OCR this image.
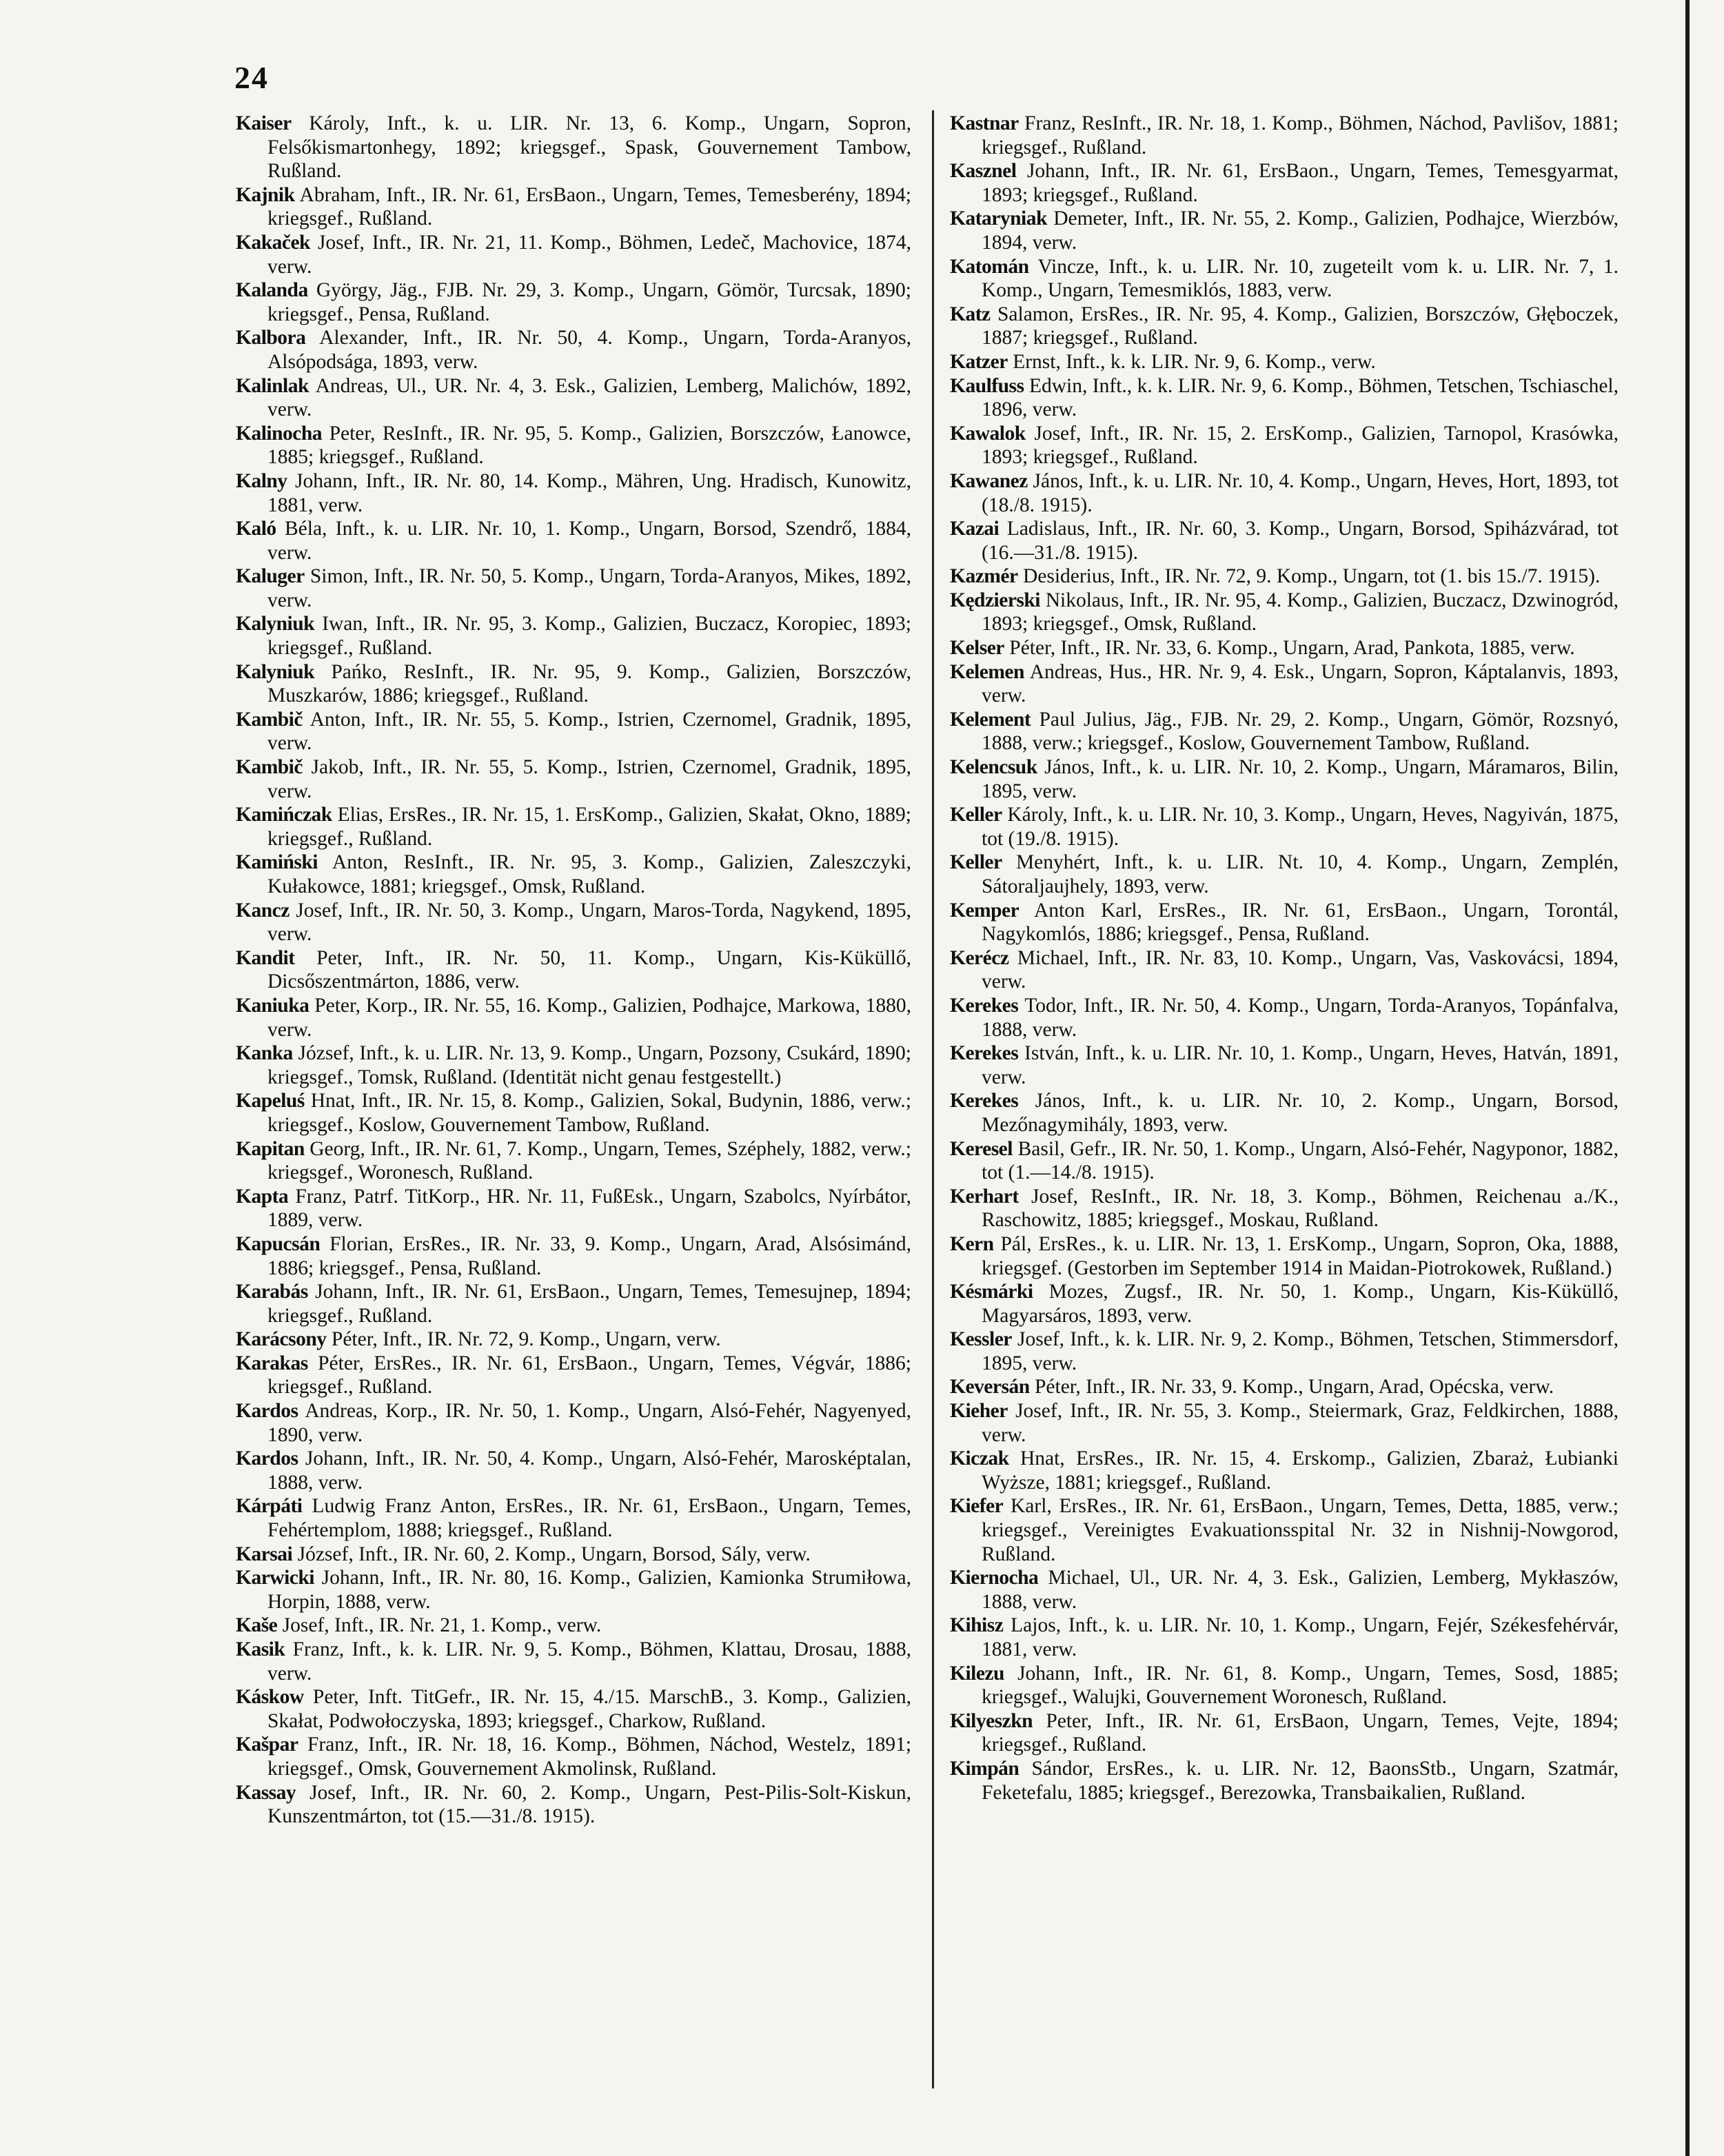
24

Kaiser Károly, Inft., k. u. LIR. Nr. 13, 6. Komp., Ungarn, Sopron, Felsőkismartonhegy, 1892; kriegsgef., Spask, Gouvernement Tambow, Rußland.

Kajnik Abraham, Inft., IR. Nr. 61, ErsBaon., Ungarn, Temes, Temesberény, 1894; kriegsgef., Rußland.

Kakaček Josef, Inft., IR. Nr. 21, 11. Komp., Böhmen, Ledeč, Machovice, 1874, verw.

Kalanda György, Jäg., FJB. Nr. 29, 3. Komp., Ungarn, Gömör, Turcsak, 1890; kriegsgef., Pensa, Rußland.

Kalbora Alexander, Inft., IR. Nr. 50, 4. Komp., Ungarn, Torda-Aranyos, Alsópodsága, 1893, verw.

Kalinlak Andreas, Ul., UR. Nr. 4, 3. Esk., Galizien, Lemberg, Malichów, 1892, verw.

Kalinocha Peter, ResInft., IR. Nr. 95, 5. Komp., Galizien, Borszczów, Łanowce, 1885; kriegsgef., Rußland.

Kalny Johann, Inft., IR. Nr. 80, 14. Komp., Mähren, Ung. Hradisch, Kunowitz, 1881, verw.

Kaló Béla, Inft., k. u. LIR. Nr. 10, 1. Komp., Ungarn, Borsod, Szendrő, 1884, verw.

Kaluger Simon, Inft., IR. Nr. 50, 5. Komp., Ungarn, Torda-Aranyos, Mikes, 1892, verw.

Kalyniuk Iwan, Inft., IR. Nr. 95, 3. Komp., Galizien, Buczacz, Koropiec, 1893; kriegsgef., Rußland.

Kalyniuk Pańko, ResInft., IR. Nr. 95, 9. Komp., Galizien, Borszczów, Muszkarów, 1886; kriegsgef., Rußland.

Kambič Anton, Inft., IR. Nr. 55, 5. Komp., Istrien, Czernomel, Gradnik, 1895, verw.

Kambič Jakob, Inft., IR. Nr. 55, 5. Komp., Istrien, Czernomel, Gradnik, 1895, verw.

Kamińczak Elias, ErsRes., IR. Nr. 15, 1. ErsKomp., Galizien, Skałat, Okno, 1889; kriegsgef., Rußland.

Kamiński Anton, ResInft., IR. Nr. 95, 3. Komp., Galizien, Zaleszczyki, Kułakowce, 1881; kriegsgef., Omsk, Rußland.

Kancz Josef, Inft., IR. Nr. 50, 3. Komp., Ungarn, Maros-Torda, Nagykend, 1895, verw.

Kandit Peter, Inft., IR. Nr. 50, 11. Komp., Ungarn, Kis-Küküllő, Dicsőszentmárton, 1886, verw.

Kaniuka Peter, Korp., IR. Nr. 55, 16. Komp., Galizien, Podhajce, Markowa, 1880, verw.

Kanka József, Inft., k. u. LIR. Nr. 13, 9. Komp., Ungarn, Pozsony, Csukárd, 1890; kriegsgef., Tomsk, Rußland. (Identität nicht genau festgestellt.)

Kapeluś Hnat, Inft., IR. Nr. 15, 8. Komp., Galizien, Sokal, Budynin, 1886, verw.; kriegsgef., Koslow, Gouvernement Tambow, Rußland.

Kapitan Georg, Inft., IR. Nr. 61, 7. Komp., Ungarn, Temes, Széphely, 1882, verw.; kriegsgef., Woronesch, Rußland.

Kapta Franz, Patrf. TitKorp., HR. Nr. 11, FußEsk., Ungarn, Szabolcs, Nyírbátor, 1889, verw.

Kapucsán Florian, ErsRes., IR. Nr. 33, 9. Komp., Ungarn, Arad, Alsósimánd, 1886; kriegsgef., Pensa, Rußland.

Karabás Johann, Inft., IR. Nr. 61, ErsBaon., Ungarn, Temes, Temesujnep, 1894; kriegsgef., Rußland.

Karácsony Péter, Inft., IR. Nr. 72, 9. Komp., Ungarn, verw.

Karakas Péter, ErsRes., IR. Nr. 61, ErsBaon., Ungarn, Temes, Végvár, 1886; kriegsgef., Rußland.

Kardos Andreas, Korp., IR. Nr. 50, 1. Komp., Ungarn, Alsó-Fehér, Nagyenyed, 1890, verw.

Kardos Johann, Inft., IR. Nr. 50, 4. Komp., Ungarn, Alsó-Fehér, Marosképtalan, 1888, verw.

Kárpáti Ludwig Franz Anton, ErsRes., IR. Nr. 61, ErsBaon., Ungarn, Temes, Fehértemplom, 1888; kriegsgef., Rußland.

Karsai József, Inft., IR. Nr. 60, 2. Komp., Ungarn, Borsod, Sály, verw.

Karwicki Johann, Inft., IR. Nr. 80, 16. Komp., Galizien, Kamionka Strumiłowa, Horpin, 1888, verw.

Kaše Josef, Inft., IR. Nr. 21, 1. Komp., verw.

Kasik Franz, Inft., k. k. LIR. Nr. 9, 5. Komp., Böhmen, Klattau, Drosau, 1888, verw.

Káskow Peter, Inft. TitGefr., IR. Nr. 15, 4./15. MarschB., 3. Komp., Galizien, Skałat, Podwołoczyska, 1893; kriegsgef., Charkow, Rußland.

Kašpar Franz, Inft., IR. Nr. 18, 16. Komp., Böhmen, Náchod, Westelz, 1891; kriegsgef., Omsk, Gouvernement Akmolinsk, Rußland.

Kassay Josef, Inft., IR. Nr. 60, 2. Komp., Ungarn, Pest-Pilis-Solt-Kiskun, Kunszentmárton, tot (15.—31./8. 1915).

Kastnar Franz, ResInft., IR. Nr. 18, 1. Komp., Böhmen, Náchod, Pavlišov, 1881; kriegsgef., Rußland.

Kasznel Johann, Inft., IR. Nr. 61, ErsBaon., Ungarn, Temes, Temesgyarmat, 1893; kriegsgef., Rußland.

Kataryniak Demeter, Inft., IR. Nr. 55, 2. Komp., Galizien, Podhajce, Wierzbów, 1894, verw.

Katomán Vincze, Inft., k. u. LIR. Nr. 10, zugeteilt vom k. u. LIR. Nr. 7, 1. Komp., Ungarn, Temesmiklós, 1883, verw.

Katz Salamon, ErsRes., IR. Nr. 95, 4. Komp., Galizien, Borszczów, Głęboczek, 1887; kriegsgef., Rußland.

Katzer Ernst, Inft., k. k. LIR. Nr. 9, 6. Komp., verw.

Kaulfuss Edwin, Inft., k. k. LIR. Nr. 9, 6. Komp., Böhmen, Tetschen, Tschiaschel, 1896, verw.

Kawalok Josef, Inft., IR. Nr. 15, 2. ErsKomp., Galizien, Tarnopol, Krasówka, 1893; kriegsgef., Rußland.

Kawanez János, Inft., k. u. LIR. Nr. 10, 4. Komp., Ungarn, Heves, Hort, 1893, tot (18./8. 1915).

Kazai Ladislaus, Inft., IR. Nr. 60, 3. Komp., Ungarn, Borsod, Spiházvárad, tot (16.—31./8. 1915).

Kazmér Desiderius, Inft., IR. Nr. 72, 9. Komp., Ungarn, tot (1. bis 15./7. 1915).

Kędzierski Nikolaus, Inft., IR. Nr. 95, 4. Komp., Galizien, Buczacz, Dzwinogród, 1893; kriegsgef., Omsk, Rußland.

Kelser Péter, Inft., IR. Nr. 33, 6. Komp., Ungarn, Arad, Pankota, 1885, verw.

Kelemen Andreas, Hus., HR. Nr. 9, 4. Esk., Ungarn, Sopron, Káptalanvis, 1893, verw.

Kelement Paul Julius, Jäg., FJB. Nr. 29, 2. Komp., Ungarn, Gömör, Rozsnyó, 1888, verw.; kriegsgef., Koslow, Gouvernement Tambow, Rußland.

Kelencsuk János, Inft., k. u. LIR. Nr. 10, 2. Komp., Ungarn, Máramaros, Bilin, 1895, verw.

Keller Károly, Inft., k. u. LIR. Nr. 10, 3. Komp., Ungarn, Heves, Nagyiván, 1875, tot (19./8. 1915).

Keller Menyhért, Inft., k. u. LIR. Nt. 10, 4. Komp., Ungarn, Zemplén, Sátoraljaujhely, 1893, verw.

Kemper Anton Karl, ErsRes., IR. Nr. 61, ErsBaon., Ungarn, Torontál, Nagykomlós, 1886; kriegsgef., Pensa, Rußland.

Kerécz Michael, Inft., IR. Nr. 83, 10. Komp., Ungarn, Vas, Vaskovácsi, 1894, verw.

Kerekes Todor, Inft., IR. Nr. 50, 4. Komp., Ungarn, Torda-Aranyos, Topánfalva, 1888, verw.

Kerekes István, Inft., k. u. LIR. Nr. 10, 1. Komp., Ungarn, Heves, Hatván, 1891, verw.

Kerekes János, Inft., k. u. LIR. Nr. 10, 2. Komp., Ungarn, Borsod, Mezőnagymihály, 1893, verw.

Keresel Basil, Gefr., IR. Nr. 50, 1. Komp., Ungarn, Alsó-Fehér, Nagyponor, 1882, tot (1.—14./8. 1915).

Kerhart Josef, ResInft., IR. Nr. 18, 3. Komp., Böhmen, Reichenau a./K., Raschowitz, 1885; kriegsgef., Moskau, Rußland.

Kern Pál, ErsRes., k. u. LIR. Nr. 13, 1. ErsKomp., Ungarn, Sopron, Oka, 1888, kriegsgef. (Gestorben im September 1914 in Maidan-Piotrokowek, Rußland.)

Késmárki Mozes, Zugsf., IR. Nr. 50, 1. Komp., Ungarn, Kis-Küküllő, Magyarsáros, 1893, verw.

Kessler Josef, Inft., k. k. LIR. Nr. 9, 2. Komp., Böhmen, Tetschen, Stimmersdorf, 1895, verw.

Keversán Péter, Inft., IR. Nr. 33, 9. Komp., Ungarn, Arad, Opécska, verw.

Kieher Josef, Inft., IR. Nr. 55, 3. Komp., Steiermark, Graz, Feldkirchen, 1888, verw.

Kiczak Hnat, ErsRes., IR. Nr. 15, 4. Erskomp., Galizien, Zbaraż, Łubianki Wyższe, 1881; kriegsgef., Rußland.

Kiefer Karl, ErsRes., IR. Nr. 61, ErsBaon., Ungarn, Temes, Detta, 1885, verw.; kriegsgef., Vereinigtes Evakuationsspital Nr. 32 in Nishnij-Nowgorod, Rußland.

Kiernocha Michael, Ul., UR. Nr. 4, 3. Esk., Galizien, Lemberg, Mykłaszów, 1888, verw.

Kihisz Lajos, Inft., k. u. LIR. Nr. 10, 1. Komp., Ungarn, Fejér, Székesfehérvár, 1881, verw.

Kilezu Johann, Inft., IR. Nr. 61, 8. Komp., Ungarn, Temes, Sosd, 1885; kriegsgef., Walujki, Gouvernement Woronesch, Rußland.

Kilyeszkn Peter, Inft., IR. Nr. 61, ErsBaon, Ungarn, Temes, Vejte, 1894; kriegsgef., Rußland.

Kimpán Sándor, ErsRes., k. u. LIR. Nr. 12, BaonsStb., Ungarn, Szatmár, Feketefalu, 1885; kriegsgef., Berezowka, Transbaikalien, Rußland.
